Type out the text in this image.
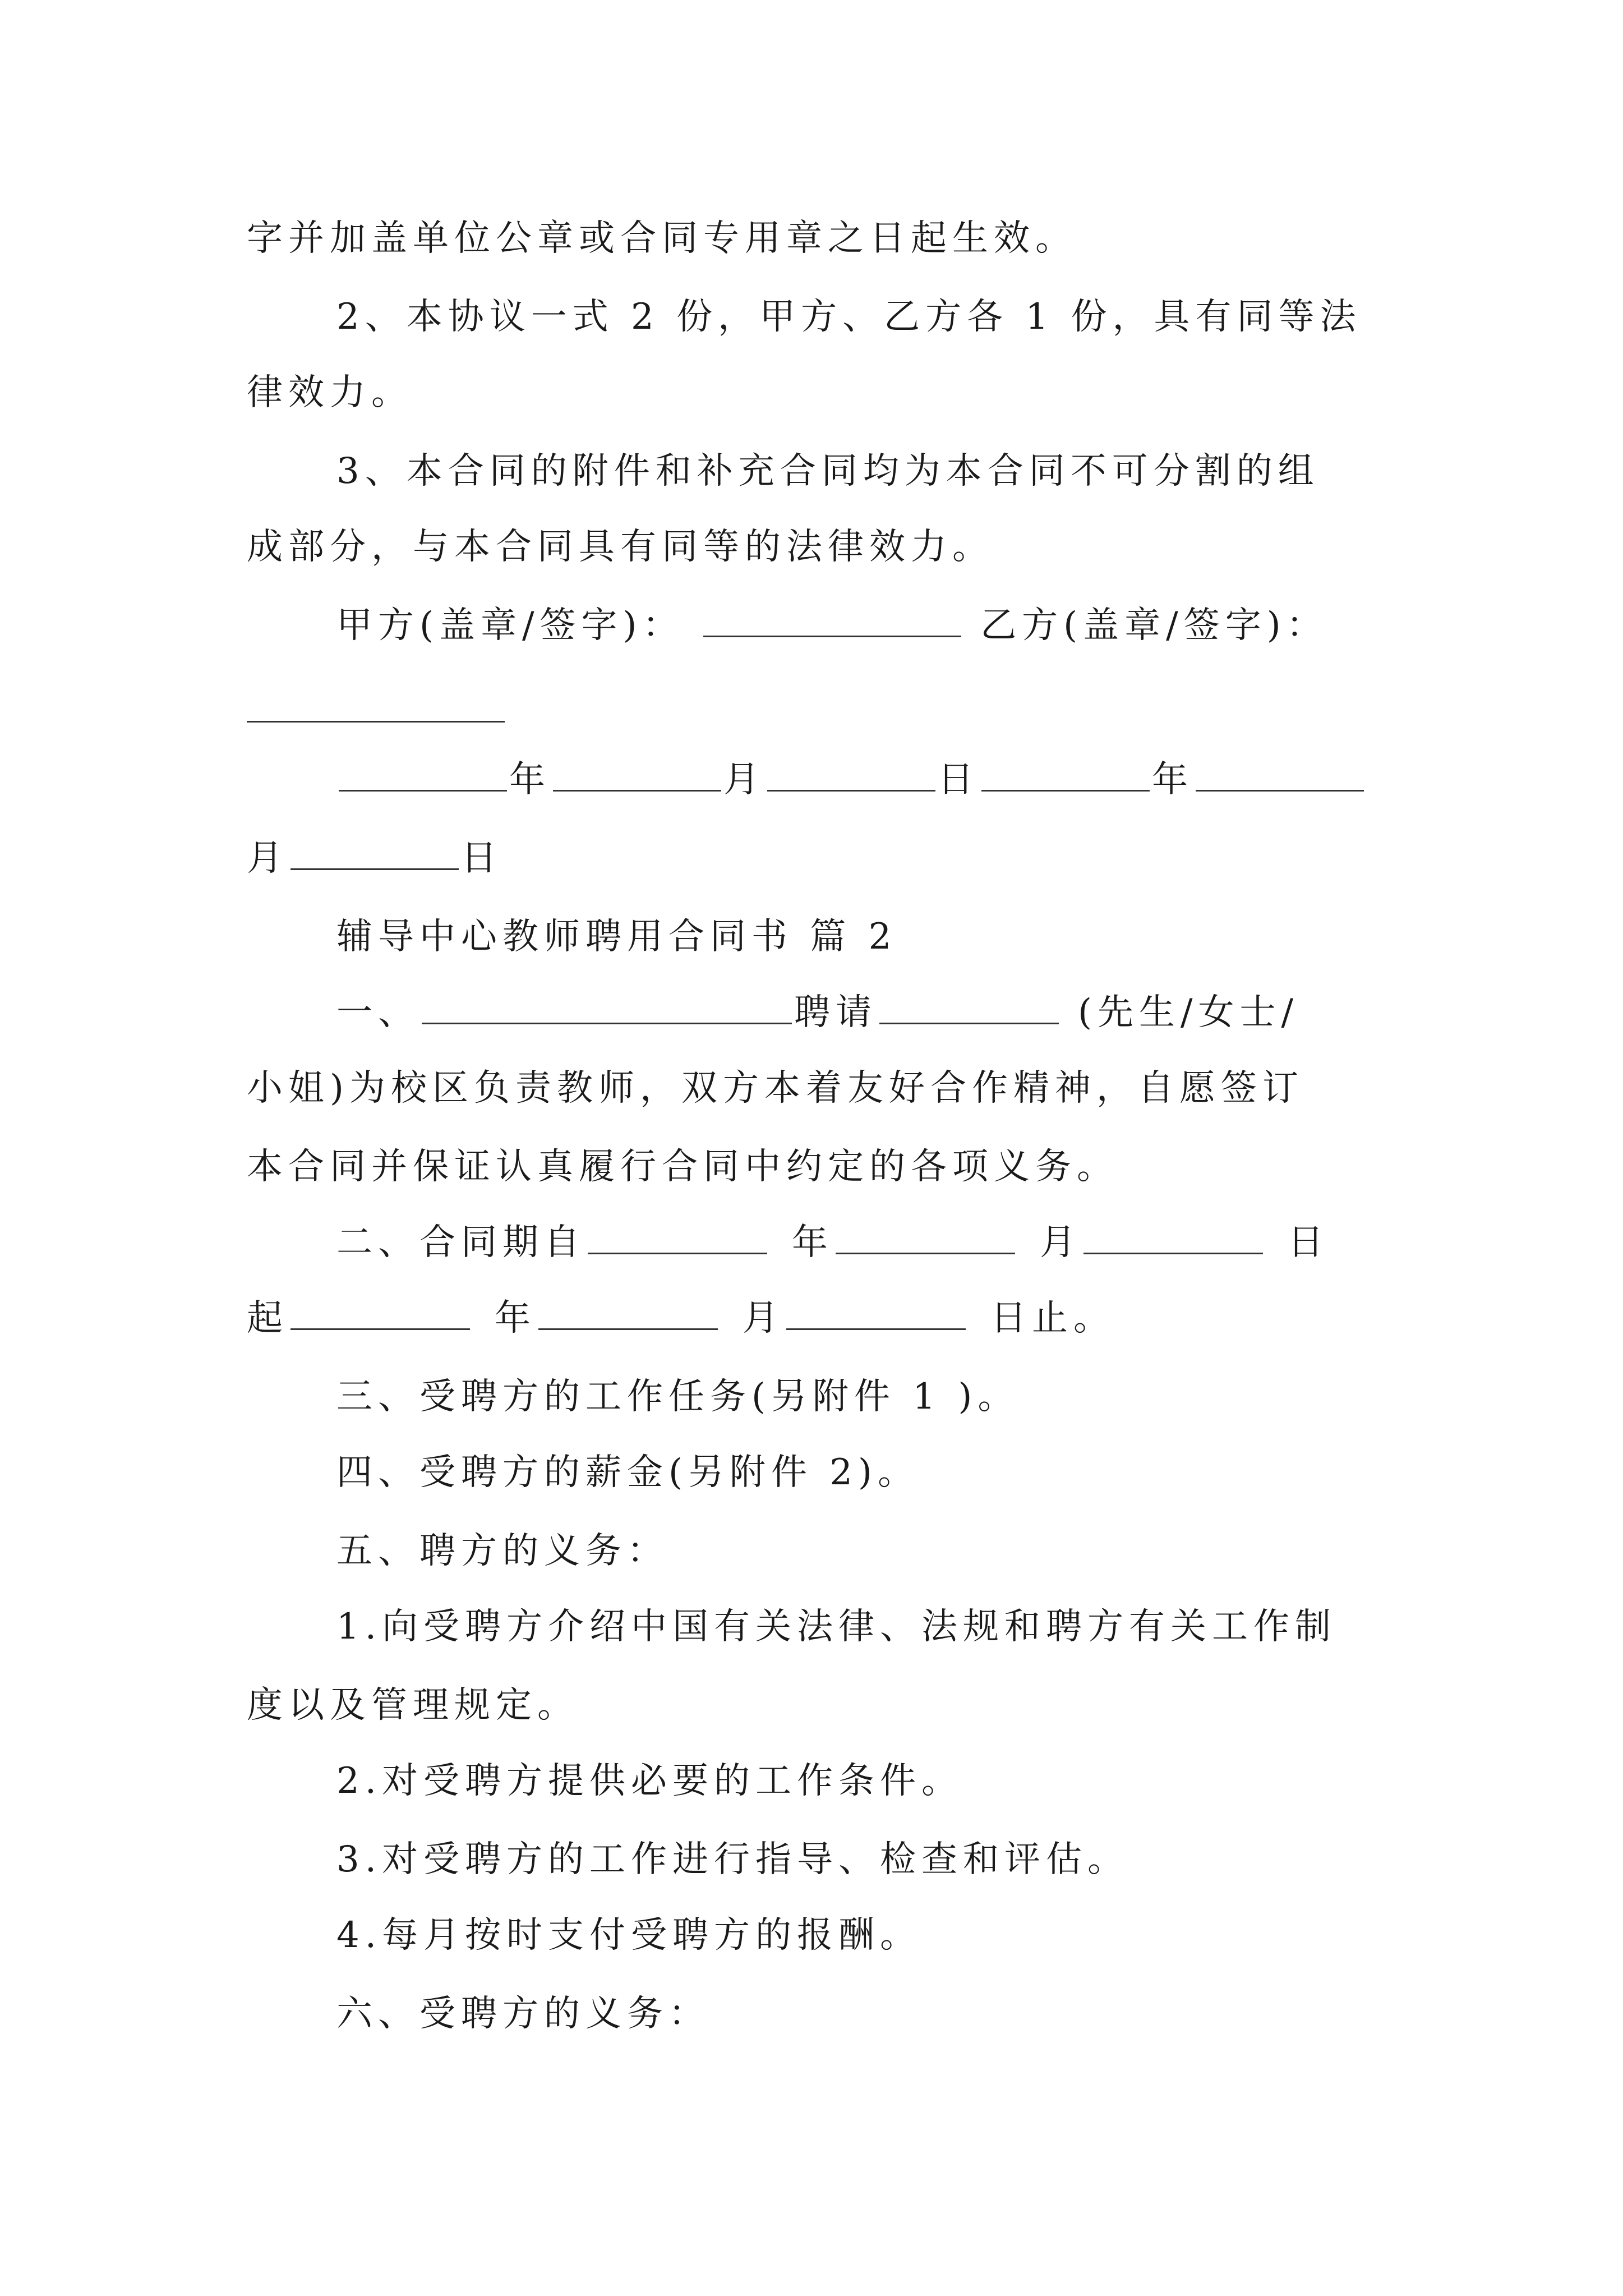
字并加盖单位公章或合同专用章之日起生效。
2、本协议一式 2 份，甲方、乙方各 1 份，具有同等法
律效力。
3、本合同的附件和补充合同均为本合同不可分割的组
成部分，与本合同具有同等的法律效力。
甲方(盖章/签字)：	乙方(盖章/签字)：
年	月	日	年
月	日
辅导中心教师聘用合同书 篇 2
一、	聘请	(先生/女士/
小姐)为校区负责教师，双方本着友好合作精神，自愿签订
本合同并保证认真履行合同中约定的各项义务。
二、合同期自	年	月	日
起	年	月	日止。
三、受聘方的工作任务(另附件 1 )。
四、受聘方的薪金(另附件 2)。
五、聘方的义务：
1.向受聘方介绍中国有关法律、法规和聘方有关工作制
度以及管理规定。
2.对受聘方提供必要的工作条件。
3.对受聘方的工作进行指导、检查和评估。
4.每月按时支付受聘方的报酬。
六、受聘方的义务：
